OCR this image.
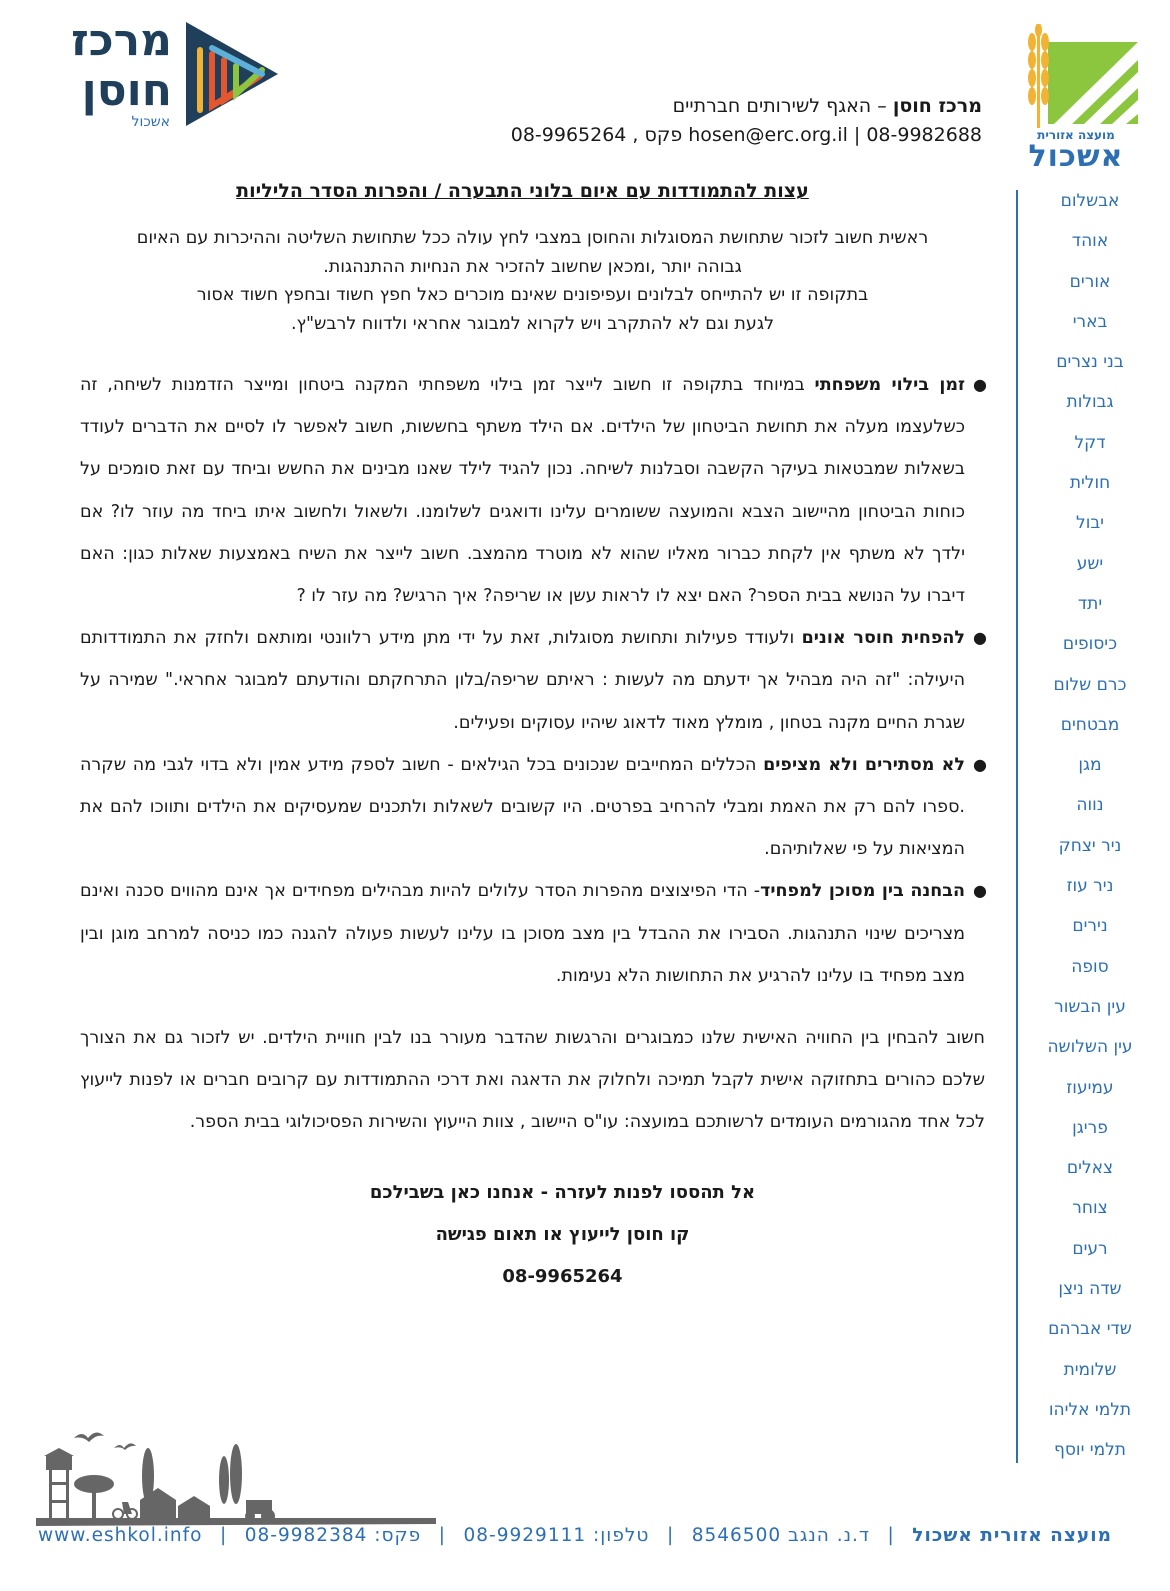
מועצה אזורית
אשכול
מרכז
חוסן
אשכול
מרכז חוסן – האגף לשירותים חברתיים
hosen@erc.org.il | 08-9982688 פקס , 08-9965264
אבשלום
אוהד
אורים
בארי
בני נצרים
גבולות
דקל
חולית
יבול
ישע
יתד
כיסופים
כרם שלום
מבטחים
מגן
נווה
ניר יצחק
ניר עוז
נירים
סופה
עין הבשור
עין השלושה
עמיעוז
פריגן
צאלים
צוחר
רעים
שדה ניצן
שדי אברהם
שלומית
תלמי אליהו
תלמי יוסף
עצות להתמודדות עם איום בלוני התבערה / והפרות הסדר הליליות
ראשית חשוב לזכור שתחושת המסוגלות והחוסן במצבי לחץ עולה ככל שתחושת השליטה וההיכרות עם האיום
גבוהה יותר ,ומכאן שחשוב להזכיר את הנחיות ההתנהגות.
בתקופה זו יש להתייחס לבלונים ועפיפונים שאינם מוכרים כאל חפץ חשוד ובחפץ חשוד אסור
לגעת וגם לא להתקרב ויש לקרוא למבוגר אחראי ולדווח לרבש"ץ.
●
זמן בילוי משפחתי במיוחד בתקופה זו חשוב לייצר זמן בילוי משפחתי המקנה ביטחון ומייצר הזדמנות לשיחה, זה כשלעצמו מעלה את תחושת הביטחון של הילדים. אם הילד משתף בחששות, חשוב לאפשר לו לסיים את הדברים לעודד בשאלות שמבטאות בעיקר הקשבה וסבלנות לשיחה. נכון להגיד לילד שאנו מבינים את החשש וביחד עם זאת סומכים על כוחות הביטחון מהיישוב הצבא והמועצה ששומרים עלינו ודואגים לשלומנו. ולשאול ולחשוב איתו ביחד מה עוזר לו? אם ילדך לא משתף אין לקחת כברור מאליו שהוא לא מוטרד מהמצב. חשוב לייצר את השיח באמצעות שאלות כגון: האם דיברו על הנושא בבית הספר? האם יצא לו לראות עשן או שריפה? איך הרגיש? מה עזר לו ?
●
להפחית חוסר אונים ולעודד פעילות ותחושת מסוגלות, זאת על ידי מתן מידע רלוונטי ומותאם ולחזק את התמודדותם היעילה: "זה היה מבהיל אך ידעתם מה לעשות : ראיתם שריפה/בלון התרחקתם והודעתם למבוגר אחראי." שמירה על שגרת החיים מקנה בטחון , מומלץ מאוד לדאוג שיהיו עסוקים ופעילים.
●
לא מסתירים ולא מציפים הכללים המחייבים שנכונים בכל הגילאים - חשוב לספק מידע אמין ולא בדוי לגבי מה שקרה .ספרו להם רק את האמת ומבלי להרחיב בפרטים. היו קשובים לשאלות ולתכנים שמעסיקים את הילדים ותווכו להם את המציאות על פי שאלותיהם.
●
הבחנה בין מסוכן למפחיד- הדי הפיצוצים מהפרות הסדר עלולים להיות מבהילים מפחידים אך אינם מהווים סכנה ואינם מצריכים שינוי התנהגות. הסבירו את ההבדל בין מצב מסוכן בו עלינו לעשות פעולה להגנה כמו כניסה למרחב מוגן ובין מצב מפחיד בו עלינו להרגיע את התחושות הלא נעימות.
חשוב להבחין בין החוויה האישית שלנו כמבוגרים והרגשות שהדבר מעורר בנו לבין חוויית הילדים. יש לזכור גם את הצורך שלכם כהורים בתחזוקה אישית לקבל תמיכה ולחלוק את הדאגה ואת דרכי ההתמודדות עם קרובים חברים או לפנות לייעוץ לכל אחד מהגורמים העומדים לרשותכם במועצה: עו"ס היישוב , צוות הייעוץ והשירות הפסיכולוגי בבית הספר.
אל תהססו לפנות לעזרה - אנחנו כאן בשבילכם
קו חוסן לייעוץ או תאום פגישה
08-9965264
מועצה אזורית אשכול
|
ד.נ. הנגב 8546500
|
טלפון: 08-9929111
|
פקס: 08-9982384
|
www.eshkol.info
